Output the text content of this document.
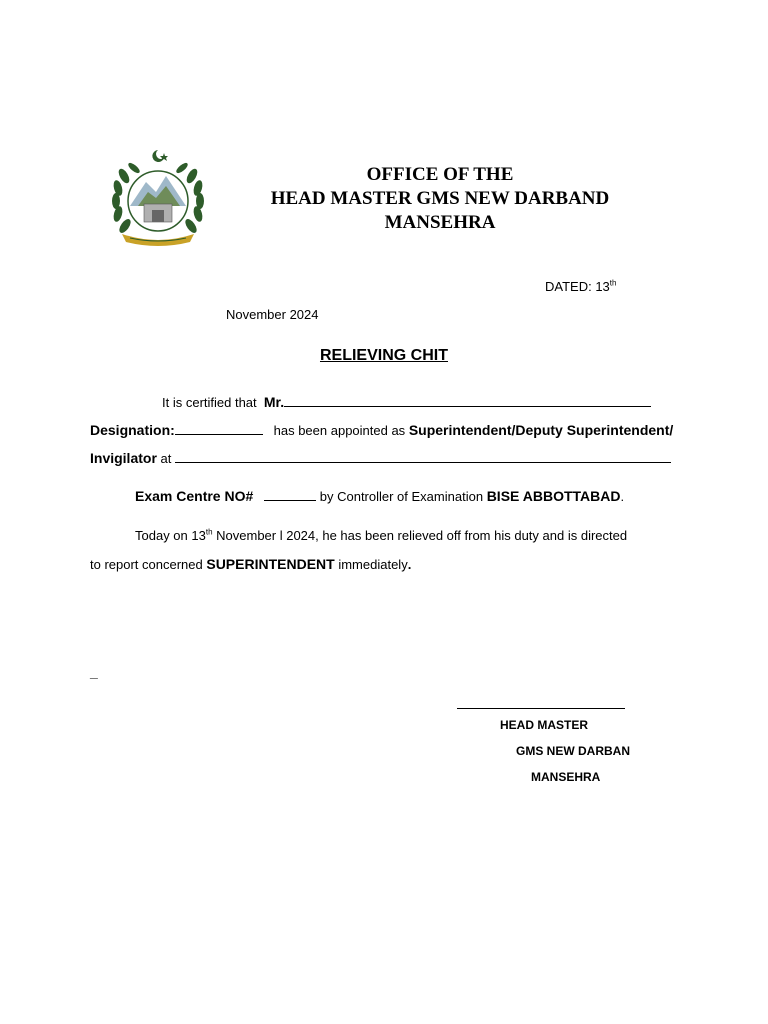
OFFICE OF THE
HEAD MASTER GMS NEW DARBAND
MANSEHRA
DATED: 13th
November 2024
RELIEVING CHIT
It is certified that Mr.
Designation:	has been appointed as Superintendent/Deputy Superintendent/
Invigilator at
Exam Centre NO#	by Controller of Examination BISE ABBOTTABAD.
Today on 13th November l 2024, he has been relieved off from his duty and is directed
to report concerned SUPERINTENDENT immediately.
_
HEAD MASTER
GMS NEW DARBAN
MANSEHRA
